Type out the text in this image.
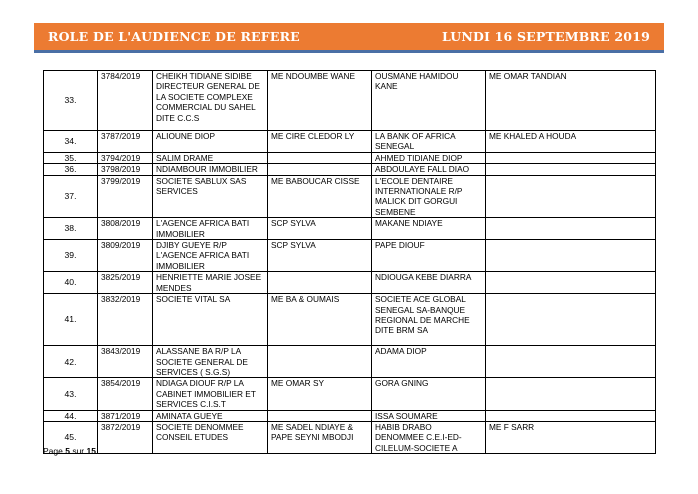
ROLE DE L'AUDIENCE DE REFERE	LUNDI 16 SEPTEMBRE 2019
33.	3784/2019	CHEIKH TIDIANE SIDIBE DIRECTEUR GENERAL DE LA SOCIETE COMPLEXE COMMERCIAL DU SAHEL DITE C.C.S	ME NDOUMBE WANE	OUSMANE HAMIDOU KANE	ME OMAR TANDIAN
34.	3787/2019	ALIOUNE DIOP	ME CIRE CLEDOR LY	LA BANK OF AFRICA SENEGAL	ME KHALED A HOUDA
35.	3794/2019	SALIM DRAME		AHMED TIDIANE DIOP	
36.	3798/2019	NDIAMBOUR IMMOBILIER		ABDOULAYE FALL DIAO	
37.	3799/2019	SOCIETE SABLUX SAS SERVICES	ME BABOUCAR CISSE	L'ECOLE DENTAIRE INTERNATIONALE R/P MALICK DIT GORGUI SEMBENE	
38.	3808/2019	L'AGENCE AFRICA BATI IMMOBILIER	SCP SYLVA	MAKANE NDIAYE	
39.	3809/2019	DJIBY GUEYE R/P L'AGENCE AFRICA BATI IMMOBILIER	SCP SYLVA	PAPE DIOUF	
40.	3825/2019	HENRIETTE MARIE JOSEE MENDES		NDIOUGA KEBE DIARRA	
41.	3832/2019	SOCIETE VITAL SA	ME BA & OUMAIS	SOCIETE ACE GLOBAL SENEGAL SA-BANQUE REGIONAL DE MARCHE DITE BRM SA	
42.	3843/2019	ALASSANE BA R/P LA SOCIETE GENERAL DE SERVICES ( S.G.S)		ADAMA DIOP	
43.	3854/2019	NDIAGA DIOUF R/P LA CABINET IMMOBILIER ET SERVICES C.I.S.T	ME OMAR SY	GORA GNING	
44.	3871/2019	AMINATA GUEYE		ISSA SOUMARE	
45.	3872/2019	SOCIETE DENOMMEE CONSEIL ETUDES	ME SADEL NDIAYE & PAPE SEYNI MBODJI	HABIB DRABO DENOMMEE C.E.I-ED-CILELUM-SOCIETE A	ME F SARR
Page 5 sur 15
